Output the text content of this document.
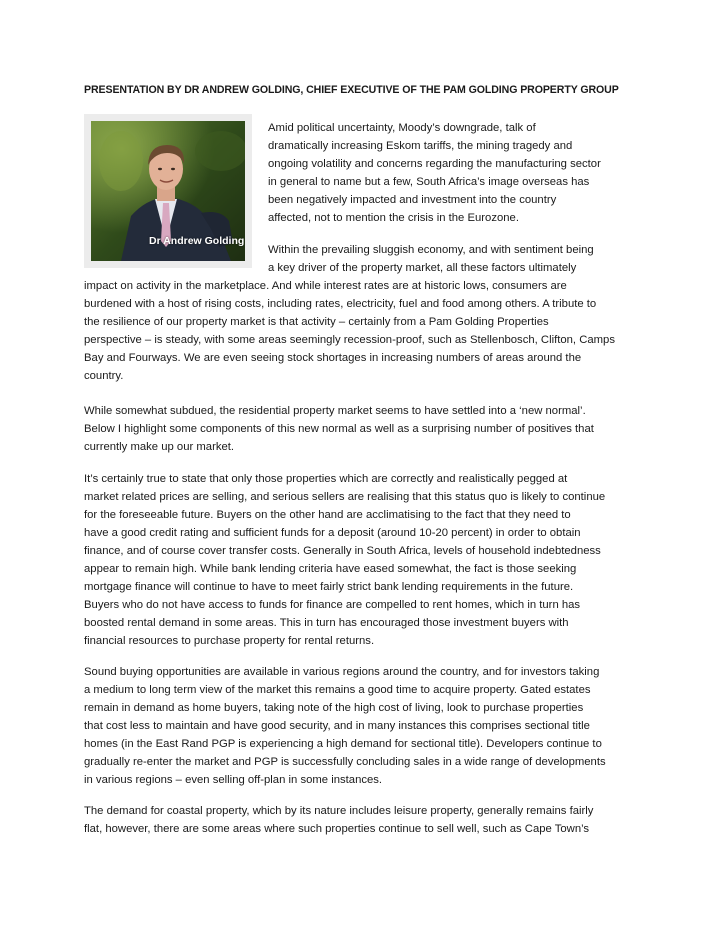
PRESENTATION BY DR ANDREW GOLDING, CHIEF EXECUTIVE OF THE PAM GOLDING PROPERTY GROUP
Dr Andrew Golding
Amid political uncertainty, Moody’s downgrade, talk of
dramatically increasing Eskom tariffs, the mining tragedy and
ongoing volatility and concerns regarding the manufacturing sector
in general to name but a few, South Africa’s image overseas has
been negatively impacted and investment into the country
affected, not to mention the crisis in the Eurozone.
Within the prevailing sluggish economy, and with sentiment being
a key driver of the property market, all these factors ultimately
impact on activity in the marketplace. And while interest rates are at historic lows, consumers are
burdened with a host of rising costs, including rates, electricity, fuel and food among others. A tribute to
the resilience of our property market is that activity – certainly from a Pam Golding Properties
perspective – is steady, with some areas seemingly recession-proof, such as Stellenbosch, Clifton, Camps
Bay and Fourways. We are even seeing stock shortages in increasing numbers of areas around the
country.
While somewhat subdued, the residential property market seems to have settled into a ‘new normal’.
Below I highlight some components of this new normal as well as a surprising number of positives that
currently make up our market.
It’s certainly true to state that only those properties which are correctly and realistically pegged at
market related prices are selling, and serious sellers are realising that this status quo is likely to continue
for the foreseeable future. Buyers on the other hand are acclimatising to the fact that they need to
have a good credit rating and sufficient funds for a deposit (around 10-20 percent) in order to obtain
finance, and of course cover transfer costs. Generally in South Africa, levels of household indebtedness
appear to remain high. While bank lending criteria have eased somewhat, the fact is those seeking
mortgage finance will continue to have to meet fairly strict bank lending requirements in the future.
Buyers who do not have access to funds for finance are compelled to rent homes, which in turn has
boosted rental demand in some areas. This in turn has encouraged those investment buyers with
financial resources to purchase property for rental returns.
Sound buying opportunities are available in various regions around the country, and for investors taking
a medium to long term view of the market this remains a good time to acquire property. Gated estates
remain in demand as home buyers, taking note of the high cost of living, look to purchase properties
that cost less to maintain and have good security, and in many instances this comprises sectional title
homes (in the East Rand PGP is experiencing a high demand for sectional title). Developers continue to
gradually re-enter the market and PGP is successfully concluding sales in a wide range of developments
in various regions – even selling off-plan in some instances.
The demand for coastal property, which by its nature includes leisure property, generally remains fairly
flat, however, there are some areas where such properties continue to sell well, such as Cape Town’s
